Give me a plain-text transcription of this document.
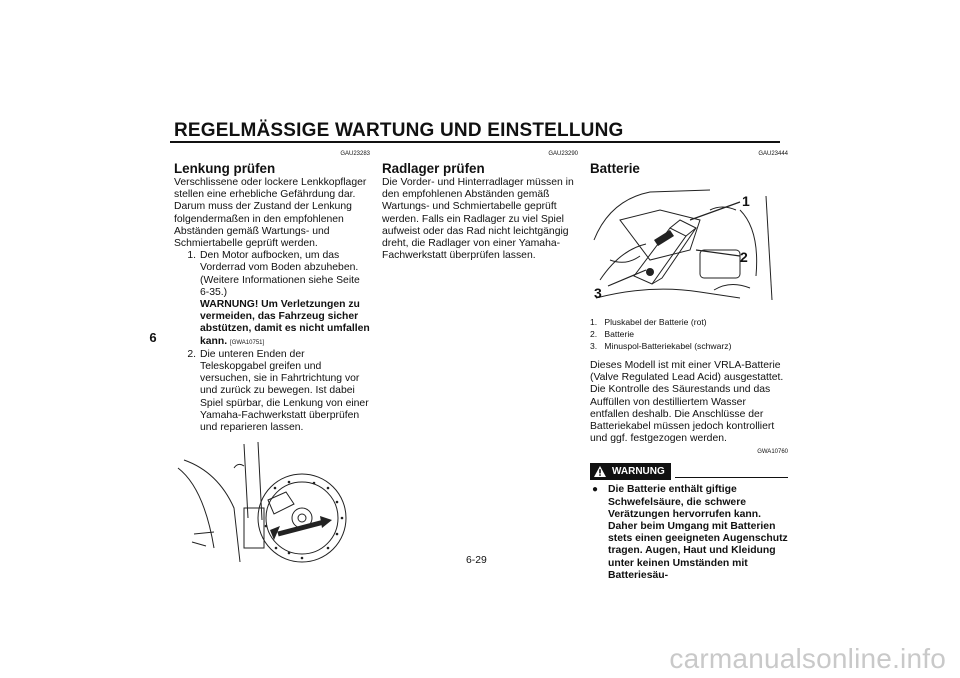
REGELMÄSSIGE WARTUNG UND EINSTELLUNG
6
GAU23283
Lenkung prüfen

Verschlissene oder lockere Lenkkopflager stellen eine erhebliche Gefährdung dar. Darum muss der Zustand der Lenkung folgendermaßen in den empfohlenen Abständen gemäß Wartungs- und Schmiertabelle geprüft werden.

1. Den Motor aufbocken, um das Vorderrad vom Boden abzuheben. (Weitere Informationen siehe Seite 6-35.)
WARNUNG! Um Verletzungen zu vermeiden, das Fahrzeug sicher abstützen, damit es nicht umfallen kann. [GWA10751]
2. Die unteren Enden der Teleskopgabel greifen und versuchen, sie in Fahrtrichtung vor und zurück zu bewegen. Ist dabei Spiel spürbar, die Lenkung von einer Yamaha-Fachwerkstatt überprüfen und reparieren lassen.
GAU23290
Radlager prüfen

Die Vorder- und Hinterradlager müssen in den empfohlenen Abständen gemäß Wartungs- und Schmiertabelle geprüft werden. Falls ein Radlager zu viel Spiel aufweist oder das Rad nicht leichtgängig dreht, die Radlager von einer Yamaha-Fachwerkstatt überprüfen lassen.

GAU23444
Batterie
1
2
3
1. Pluskabel der Batterie (rot)
2. Batterie
3. Minuspol-Batteriekabel (schwarz)

Dieses Modell ist mit einer VRLA-Batterie (Valve Regulated Lead Acid) ausgestattet. Die Kontrolle des Säurestands und das Auffüllen von destilliertem Wasser entfallen deshalb. Die Anschlüsse der Batteriekabel müssen jedoch kontrolliert und ggf. festgezogen werden.

GWA10760
WARNUNG
● Die Batterie enthält giftige Schwefelsäure, die schwere Verätzungen hervorrufen kann. Daher beim Umgang mit Batterien stets einen geeigneten Augenschutz tragen. Augen, Haut und Kleidung unter keinen Umständen mit Batteriesäu-
6-29
carmanualsonline.info
